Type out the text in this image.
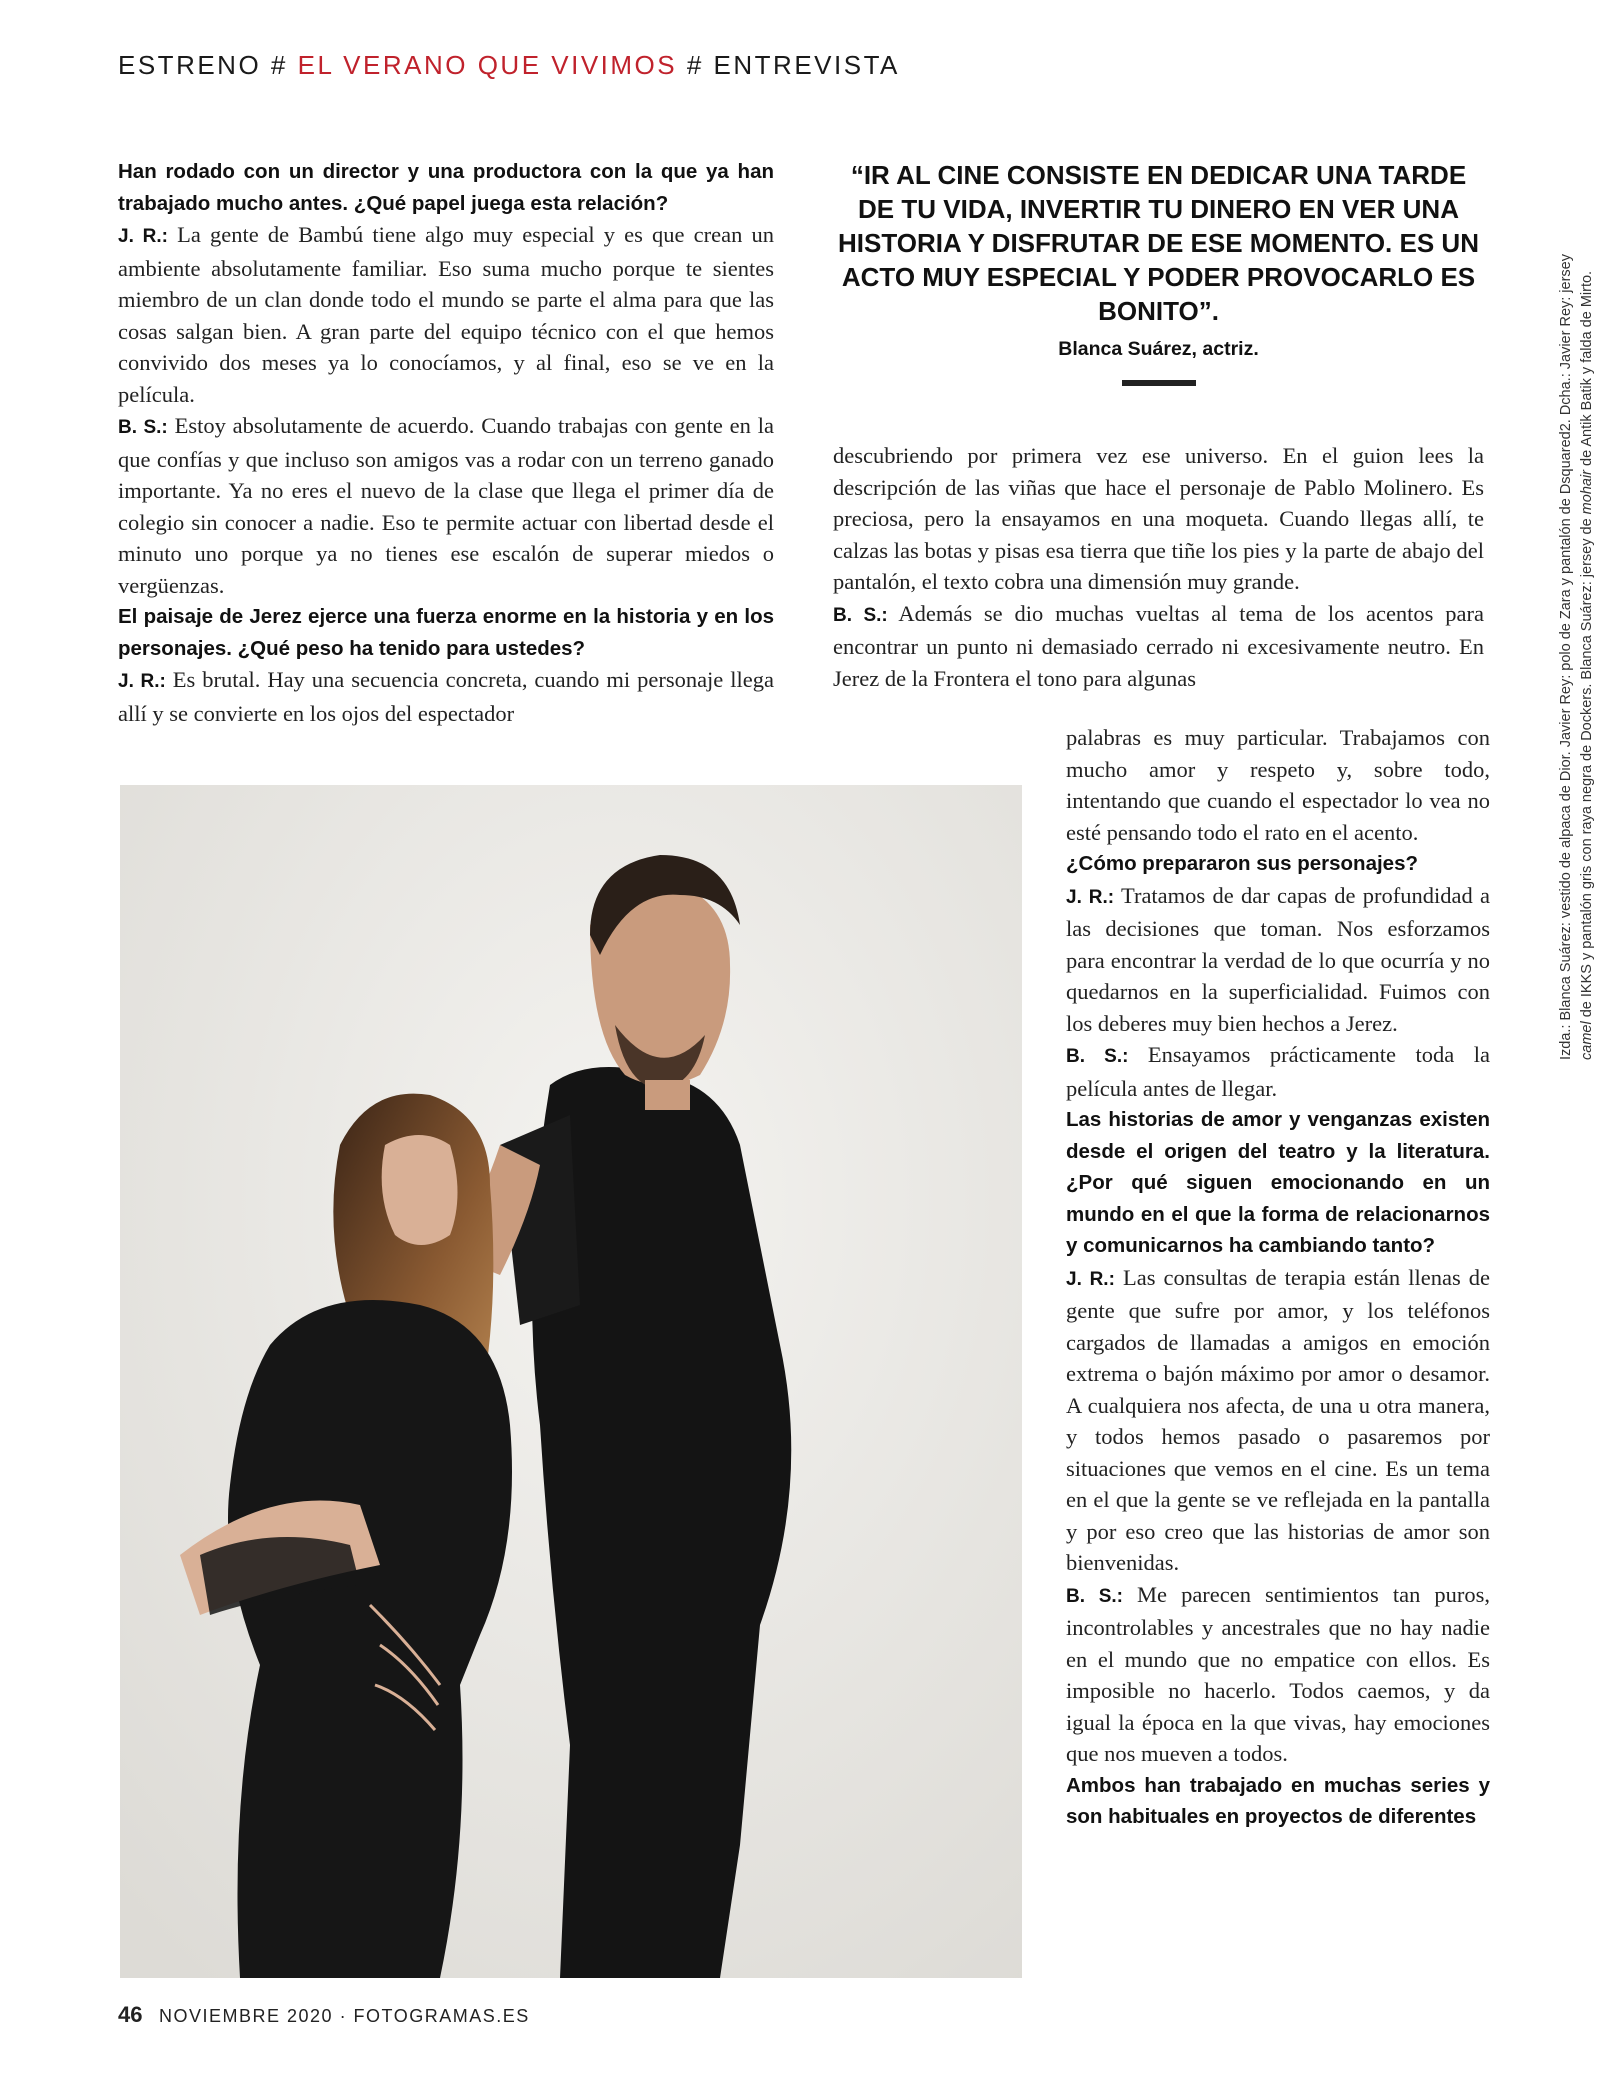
ESTRENO # EL VERANO QUE VIVIMOS # ENTREVISTA

Han rodado con un director y una productora con la que ya han trabajado mucho antes. ¿Qué papel juega esta relación?

J. R.: La gente de Bambú tiene algo muy especial y es que crean un ambiente absolutamente familiar. Eso suma mucho porque te sientes miembro de un clan donde todo el mundo se parte el alma para que las cosas salgan bien. A gran parte del equipo técnico con el que hemos convivido dos meses ya lo conocíamos, y al final, eso se ve en la película.

B. S.: Estoy absolutamente de acuerdo. Cuando trabajas con gente en la que confías y que incluso son amigos vas a rodar con un terreno ganado importante. Ya no eres el nuevo de la clase que llega el primer día de colegio sin conocer a nadie. Eso te permite actuar con libertad desde el minuto uno porque ya no tienes ese escalón de superar miedos o vergüenzas.

El paisaje de Jerez ejerce una fuerza enorme en la historia y en los personajes. ¿Qué peso ha tenido para ustedes?

J. R.: Es brutal. Hay una secuencia concreta, cuando mi personaje llega allí y se convierte en los ojos del espectador

“IR AL CINE CONSISTE EN DEDICAR UNA TARDE DE TU VIDA, INVERTIR TU DINERO EN VER UNA HISTORIA Y DISFRUTAR DE ESE MOMENTO. ES UN ACTO MUY ESPECIAL Y PODER PROVOCARLO ES BONITO”.
Blanca Suárez, actriz.

descubriendo por primera vez ese universo. En el guion lees la descripción de las viñas que hace el personaje de Pablo Molinero. Es preciosa, pero la ensayamos en una moqueta. Cuando llegas allí, te calzas las botas y pisas esa tierra que tiñe los pies y la parte de abajo del pantalón, el texto cobra una dimensión muy grande.

B. S.: Además se dio muchas vueltas al tema de los acentos para encontrar un punto ni demasiado cerrado ni excesivamente neutro. En Jerez de la Frontera el tono para algunas

palabras es muy particular. Trabajamos con mucho amor y respeto y, sobre todo, intentando que cuando el espectador lo vea no esté pensando todo el rato en el acento.

¿Cómo prepararon sus personajes?

J. R.: Tratamos de dar capas de profundidad a las decisiones que toman. Nos esforzamos para encontrar la verdad de lo que ocurría y no quedarnos en la superficialidad. Fuimos con los deberes muy bien hechos a Jerez.

B. S.: Ensayamos prácticamente toda la película antes de llegar.

Las historias de amor y venganzas existen desde el origen del teatro y la literatura. ¿Por qué siguen emocionando en un mundo en el que la forma de relacionarnos y comunicarnos ha cambiando tanto?

J. R.: Las consultas de terapia están llenas de gente que sufre por amor, y los teléfonos cargados de llamadas a amigos en emoción extrema o bajón máximo por amor o desamor. A cualquiera nos afecta, de una u otra manera, y todos hemos pasado o pasaremos por situaciones que vemos en el cine. Es un tema en el que la gente se ve reflejada en la pantalla y por eso creo que las historias de amor son bienvenidas.

B. S.: Me parecen sentimientos tan puros, incontrolables y ancestrales que no hay nadie en el mundo que no empatice con ellos. Es imposible no hacerlo. Todos caemos, y da igual la época en la que vivas, hay emociones que nos mueven a todos.

Ambos han trabajado en muchas series y son habituales en proyectos de diferentes

Izda.: Blanca Suárez: vestido de alpaca de Dior. Javier Rey: polo de Zara y pantalón de Dsquared2. Dcha.: Javier Rey: jersey camel de IKKS y pantalón gris con raya negra de Dockers. Blanca Suárez: jersey de mohair de Antik Batik y falda de Mirto.

46 NOVIEMBRE 2020 · FOTOGRAMAS.ES
